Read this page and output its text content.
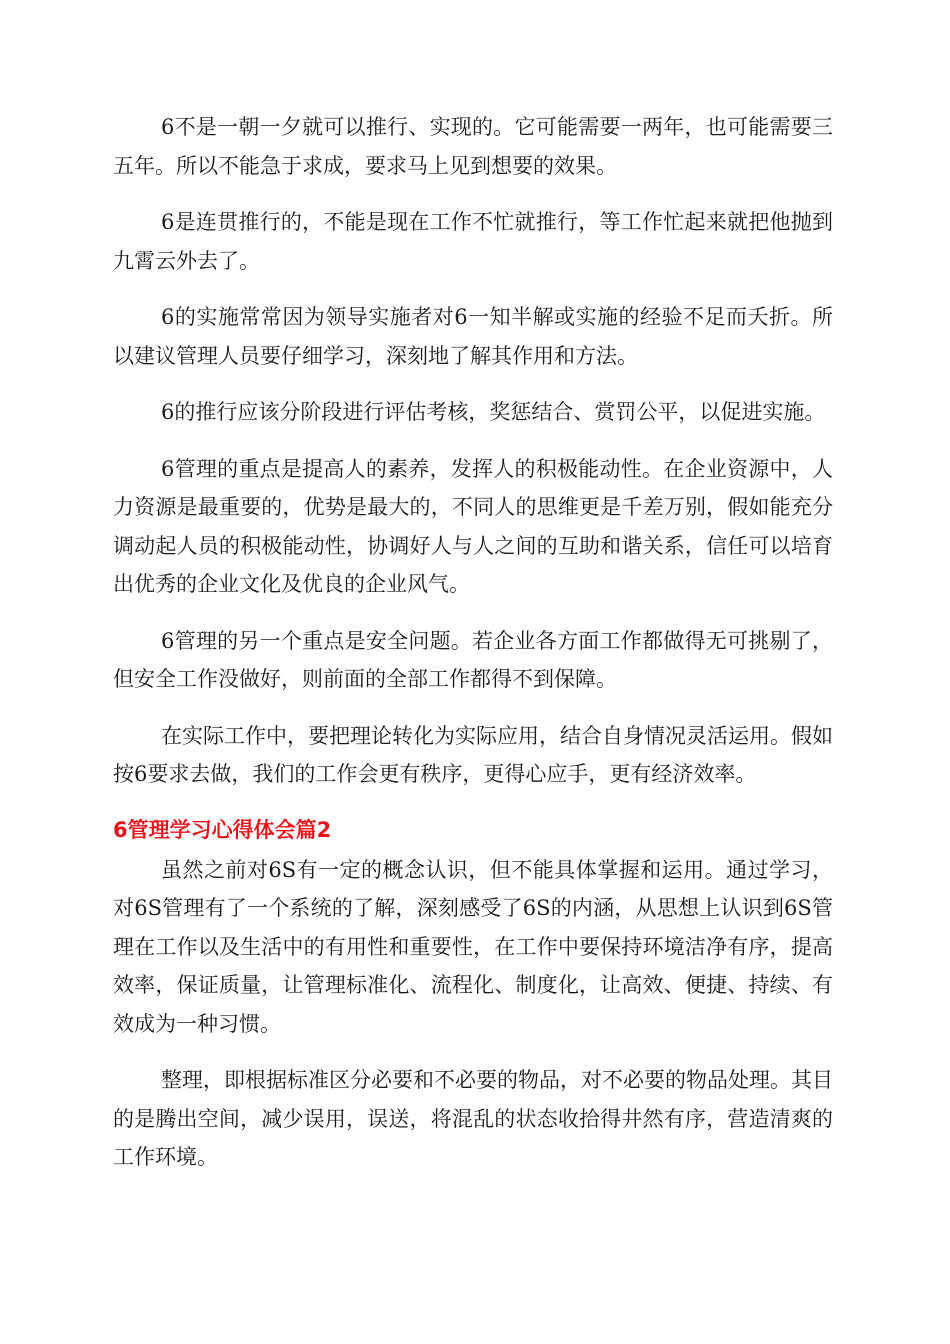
6不是一朝一夕就可以推行、实现的。它可能需要一两年，也可能需要三五年。所以不能急于求成，要求马上见到想要的效果。

6是连贯推行的，不能是现在工作不忙就推行，等工作忙起来就把他抛到九霄云外去了。

6的实施常常因为领导实施者对6一知半解或实施的经验不足而夭折。所以建议管理人员要仔细学习，深刻地了解其作用和方法。

6的推行应该分阶段进行评估考核，奖惩结合、赏罚公平，以促进实施。

6管理的重点是提高人的素养，发挥人的积极能动性。在企业资源中，人力资源是最重要的，优势是最大的，不同人的思维更是千差万别，假如能充分调动起人员的积极能动性，协调好人与人之间的互助和谐关系，信任可以培育出优秀的企业文化及优良的企业风气。

6管理的另一个重点是安全问题。若企业各方面工作都做得无可挑剔了，但安全工作没做好，则前面的全部工作都得不到保障。

在实际工作中，要把理论转化为实际应用，结合自身情况灵活运用。假如按6要求去做，我们的工作会更有秩序，更得心应手，更有经济效率。

6管理学习心得体会篇2

虽然之前对6S有一定的概念认识，但不能具体掌握和运用。通过学习，对6S管理有了一个系统的了解，深刻感受了6S的内涵，从思想上认识到6S管理在工作以及生活中的有用性和重要性，在工作中要保持环境洁净有序，提高效率，保证质量，让管理标准化、流程化、制度化，让高效、便捷、持续、有效成为一种习惯。

整理，即根据标准区分必要和不必要的物品，对不必要的物品处理。其目的是腾出空间，减少误用，误送，将混乱的状态收拾得井然有序，营造清爽的工作环境。
